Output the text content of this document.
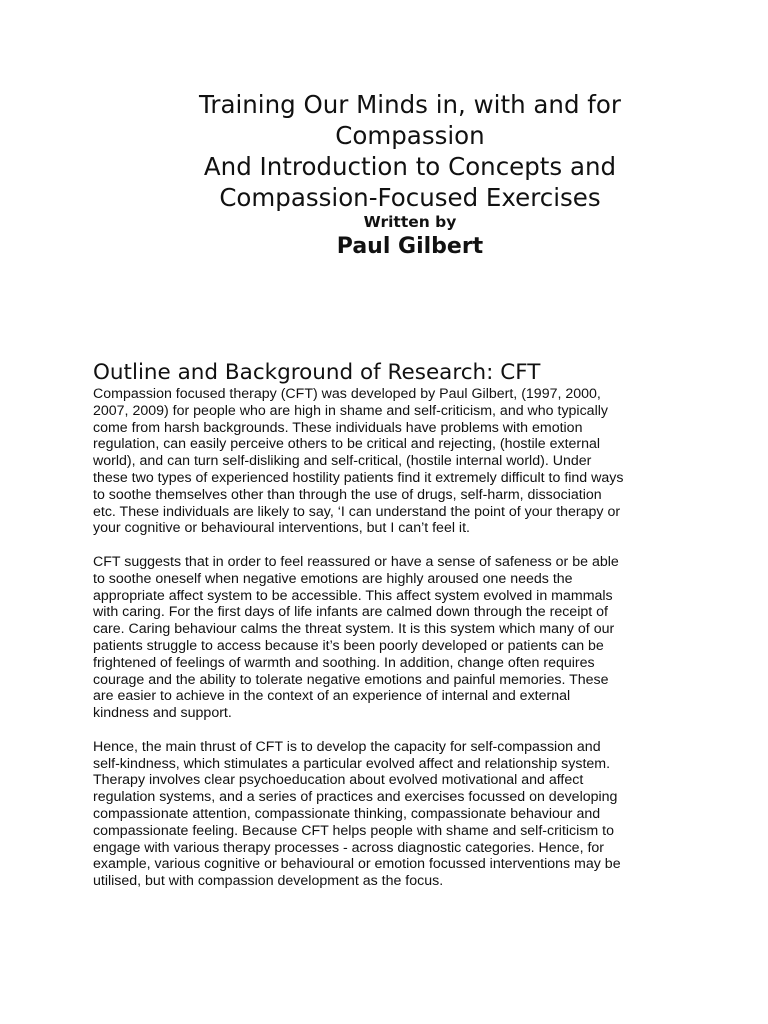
Training Our Minds in, with and for

Compassion

And Introduction to Concepts and

Compassion-Focused Exercises

Written by

Paul Gilbert

Outline and Background of Research: CFT

Compassion focused therapy (CFT) was developed by Paul Gilbert, (1997, 2000,
2007, 2009) for people who are high in shame and self-criticism, and who typically
come from harsh backgrounds. These individuals have problems with emotion
regulation, can easily perceive others to be critical and rejecting, (hostile external
world), and can turn self-disliking and self-critical, (hostile internal world). Under
these two types of experienced hostility patients find it extremely difficult to find ways
to soothe themselves other than through the use of drugs, self-harm, dissociation
etc. These individuals are likely to say, ‘I can understand the point of your therapy or
your cognitive or behavioural interventions, but I can’t feel it.

CFT suggests that in order to feel reassured or have a sense of safeness or be able
to soothe oneself when negative emotions are highly aroused one needs the
appropriate affect system to be accessible. This affect system evolved in mammals
with caring. For the first days of life infants are calmed down through the receipt of
care. Caring behaviour calms the threat system. It is this system which many of our
patients struggle to access because it’s been poorly developed or patients can be
frightened of feelings of warmth and soothing. In addition, change often requires
courage and the ability to tolerate negative emotions and painful memories. These
are easier to achieve in the context of an experience of internal and external
kindness and support.

Hence, the main thrust of CFT is to develop the capacity for self-compassion and
self-kindness, which stimulates a particular evolved affect and relationship system.
Therapy involves clear psychoeducation about evolved motivational and affect
regulation systems, and a series of practices and exercises focussed on developing
compassionate attention, compassionate thinking, compassionate behaviour and
compassionate feeling. Because CFT helps people with shame and self-criticism to
engage with various therapy processes - across diagnostic categories. Hence, for
example, various cognitive or behavioural or emotion focussed interventions may be
utilised, but with compassion development as the focus.
